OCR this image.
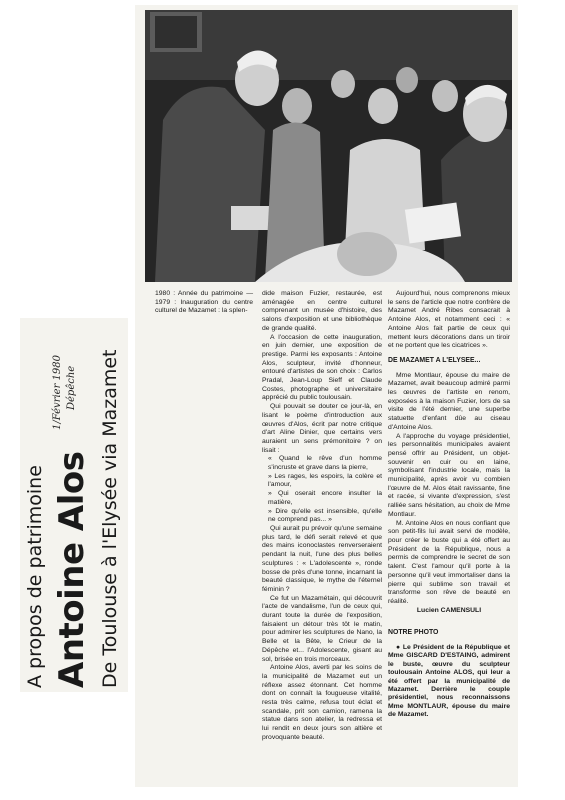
1980 : Année du patrimoine — 1979 : Inauguration du centre culturel de Mazamet : la splen-

dide maison Fuzier, restaurée, est aménagée en centre culturel comprenant un musée d'histoire, des salons d'exposition et une bibliothèque de grande qualité.

A l'occasion de cette inauguration, en juin dernier, une exposition de prestige. Parmi les exposants : Antoine Alos, sculpteur, invité d'honneur, entouré d'artistes de son choix : Carlos Pradal, Jean-Loup Sieff et Claude Costes, photographe et universitaire apprécié du public toulousain.

Qui pouvait se douter ce jour-là, en lisant le poème d'introduction aux œuvres d'Alos, écrit par notre critique d'art Aline Dinier, que certains vers auraient un sens prémonitoire ? on lisait :

« Quand le rêve d'un homme s'incruste et grave dans la pierre,

» Les rages, les espoirs, la colère et l'amour,

» Qui oserait encore insulter la matière,

» Dire qu'elle est insensible, qu'elle ne comprend pas... »

Qui aurait pu prévoir qu'une semaine plus tard, le défi serait relevé et que des mains iconoclastes renverseraient pendant la nuit, l'une des plus belles sculptures : « L'adolescente », ronde bosse de près d'une tonne, incarnant la beauté classique, le mythe de l'éternel féminin ?

Ce fut un Mazamétain, qui découvrit l'acte de vandalisme, l'un de ceux qui, durant toute la durée de l'exposition, faisaient un détour très tôt le matin, pour admirer les sculptures de Nano, la Belle et la Bête, le Crieur de la Dépêche et... l'Adolescente, gisant au sol, brisée en trois morceaux.

Antoine Alos, averti par les soins de la municipalité de Mazamet eut un réflexe assez étonnant. Cet homme dont on connaît la fougueuse vitalité, resta très calme, refusa tout éclat et scandale, prit son camion, ramena la statue dans son atelier, la redressa et lui rendit en deux jours son altière et provoquante beauté.

Aujourd'hui, nous comprenons mieux le sens de l'article que notre confrère de Mazamet André Ribes consacrait à Antoine Alos, et notamment ceci : « Antoine Alos fait partie de ceux qui mettent leurs décorations dans un tiroir et ne portent que les cicatrices ».

DE MAZAMET A L'ELYSEE...

Mme Montlaur, épouse du maire de Mazamet, avait beaucoup admiré parmi les œuvres de l'artiste en renom, exposées à la maison Fuzier, lors de sa visite de l'été dernier, une superbe statuette d'enfant dûe au ciseau d'Antoine Alos.

A l'approche du voyage présidentiel, les personnalités municipales avaient pensé offrir au Président, un objet-souvenir en cuir ou en laine, symbolisant l'industrie locale, mais la municipalité, après avoir vu combien l'œuvre de M. Alos était ravissante, fine et racée, si vivante d'expression, s'est ralliée sans hésitation, au choix de Mme Montlaur.

M. Antoine Alos en nous confiant que son petit-fils lui avait servi de modèle, pour créer le buste qui a été offert au Président de la République, nous a permis de comprendre le secret de son talent. C'est l'amour qu'il porte à la personne qu'il veut immortaliser dans la pierre qui sublime son travail et transforme son rêve de beauté en réalité.

Lucien CAMENSULI

NOTRE PHOTO

● Le Président de la République et Mme GISCARD D'ESTAING, admirent le buste, œuvre du sculpteur toulousain Antoine ALOS, qui leur a été offert par la municipalité de Mazamet. Derrière le couple présidentiel, nous reconnaissons Mme MONTLAUR, épouse du maire de Mazamet.

A propos de patrimoine Antoine Alos De Toulouse à l'Elysée via Mazamet
1/Février 1980 Dépêche
